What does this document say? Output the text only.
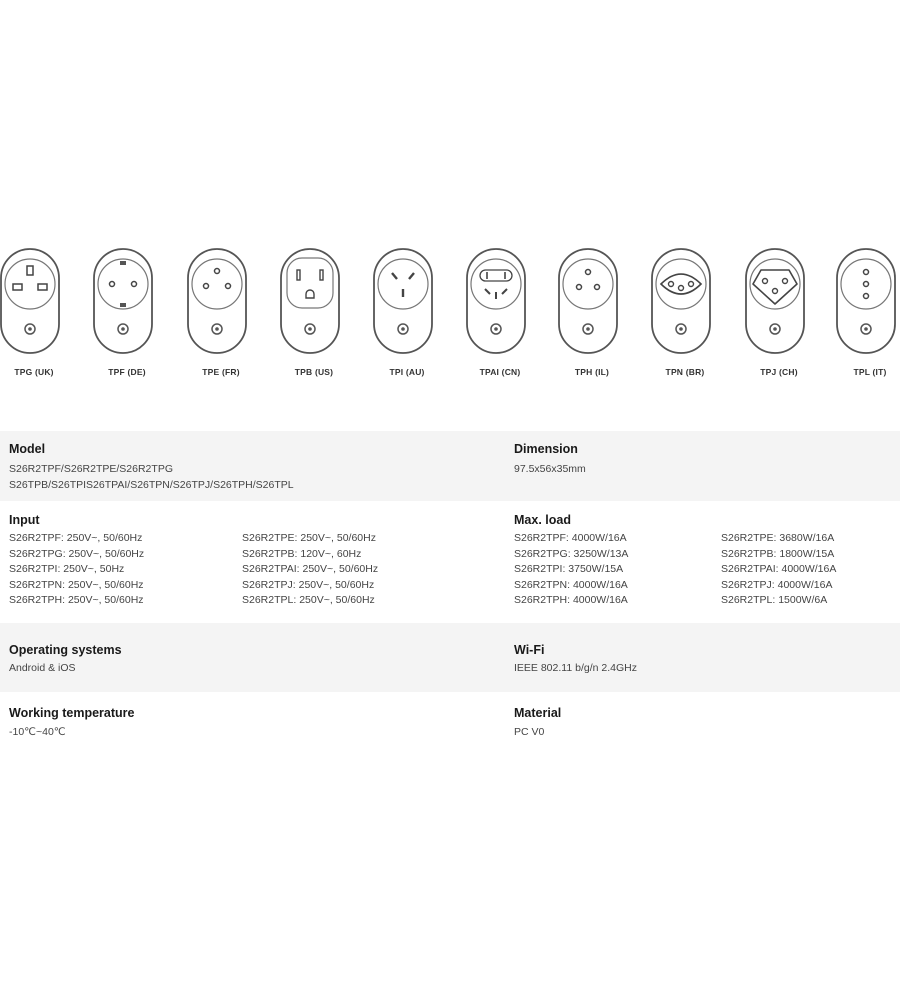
TPG (UK)	TPF (DE)	TPE (FR)	TPB (US)	TPI (AU)	TPAI (CN)	TPH (IL)	TPN (BR)	TPJ (CH)	TPL (IT)
Model
S26R2TPF/S26R2TPE/S26R2TPG
S26TPB/S26TPIS26TPAI/S26TPN/S26TPJ/S26TPH/S26TPL
Dimension
97.5x56x35mm
Input
S26R2TPF: 250V~, 50/60Hz
S26R2TPG: 250V~, 50/60Hz
S26R2TPI: 250V~, 50Hz
S26R2TPN: 250V~, 50/60Hz
S26R2TPH: 250V~, 50/60Hz
S26R2TPE: 250V~, 50/60Hz
S26R2TPB: 120V~, 60Hz
S26R2TPAI: 250V~, 50/60Hz
S26R2TPJ: 250V~, 50/60Hz
S26R2TPL: 250V~, 50/60Hz
Max. load
S26R2TPF: 4000W/16A
S26R2TPG: 3250W/13A
S26R2TPI: 3750W/15A
S26R2TPN: 4000W/16A
S26R2TPH: 4000W/16A
S26R2TPE: 3680W/16A
S26R2TPB: 1800W/15A
S26R2TPAI: 4000W/16A
S26R2TPJ: 4000W/16A
S26R2TPL: 1500W/6A
Operating systems
Android & iOS
Wi-Fi
IEEE 802.11 b/g/n 2.4GHz
Working temperature
-10℃~40℃
Material
PC V0
